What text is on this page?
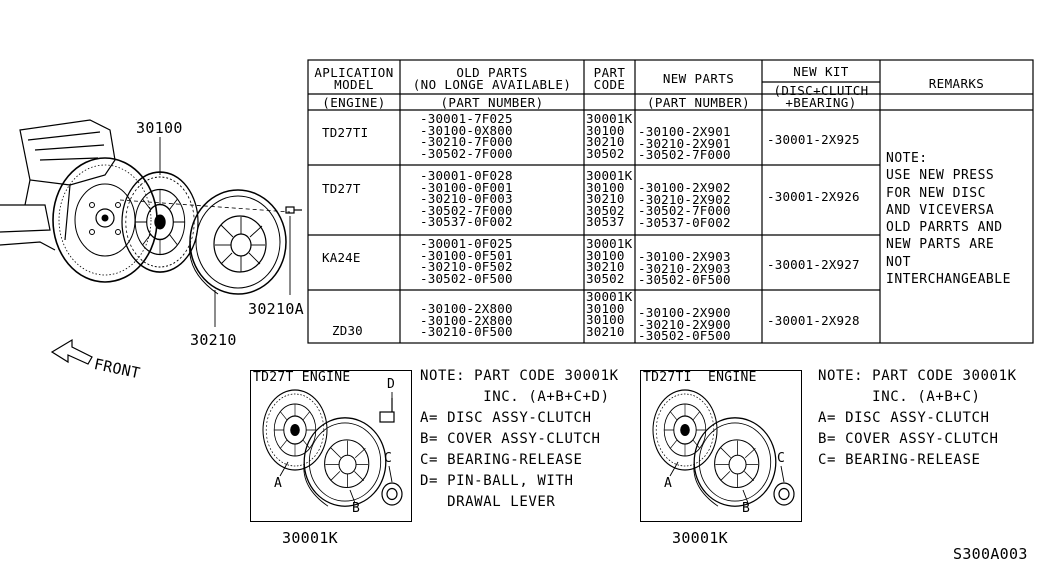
30100
30210
30210A
FRONT
S300A003
APLICATION
MODEL
(ENGINE)
OLD PARTS
(NO LONGE AVAILABLE)
(PART NUMBER)
PART
CODE	NEW PARTS
(PART NUMBER)
NEW KIT
(DISC+CLUTCH
+BEARING)
REMARKS
TD27TI
-30001-7F025
-30100-0X800
-30210-7F000
-30502-7F000
30001K
30100
30210
30502
-30100-2X901
-30210-2X901
-30502-7F000
-30001-2X925
TD27T
-30001-0F028
-30100-0F001
-30210-0F003
-30502-7F000
-30537-0F002
30001K
30100
30210
30502
30537
-30100-2X902
-30210-2X902
-30502-7F000
-30537-0F002
-30001-2X926
KA24E
-30001-0F025
-30100-0F501
-30210-0F502
-30502-0F500
30001K
30100
30210
30502
-30100-2X903
-30210-2X903
-30502-0F500
-30001-2X927
ZD30
-30100-2X800
-30100-2X800
-30210-0F500
30001K
30100
30100
30210
-30100-2X900
-30210-2X900
-30502-0F500
-30001-2X928
NOTE:
USE NEW PRESS
FOR NEW DISC
AND VICEVERSA
OLD PARRTS AND
NEW PARTS ARE
NOT
INTERCHANGEABLE
TD27T ENGINE
A
B
C
D
30001K
NOTE: PART CODE 30001K
INC. (A+B+C+D)
A= DISC ASSY-CLUTCH
B= COVER ASSY-CLUTCH
C= BEARING-RELEASE
D= PIN-BALL, WITH
DRAWAL LEVER
TD27TI  ENGINE
A
B
C
30001K
NOTE: PART CODE 30001K
INC. (A+B+C)
A= DISC ASSY-CLUTCH
B= COVER ASSY-CLUTCH
C= BEARING-RELEASE
